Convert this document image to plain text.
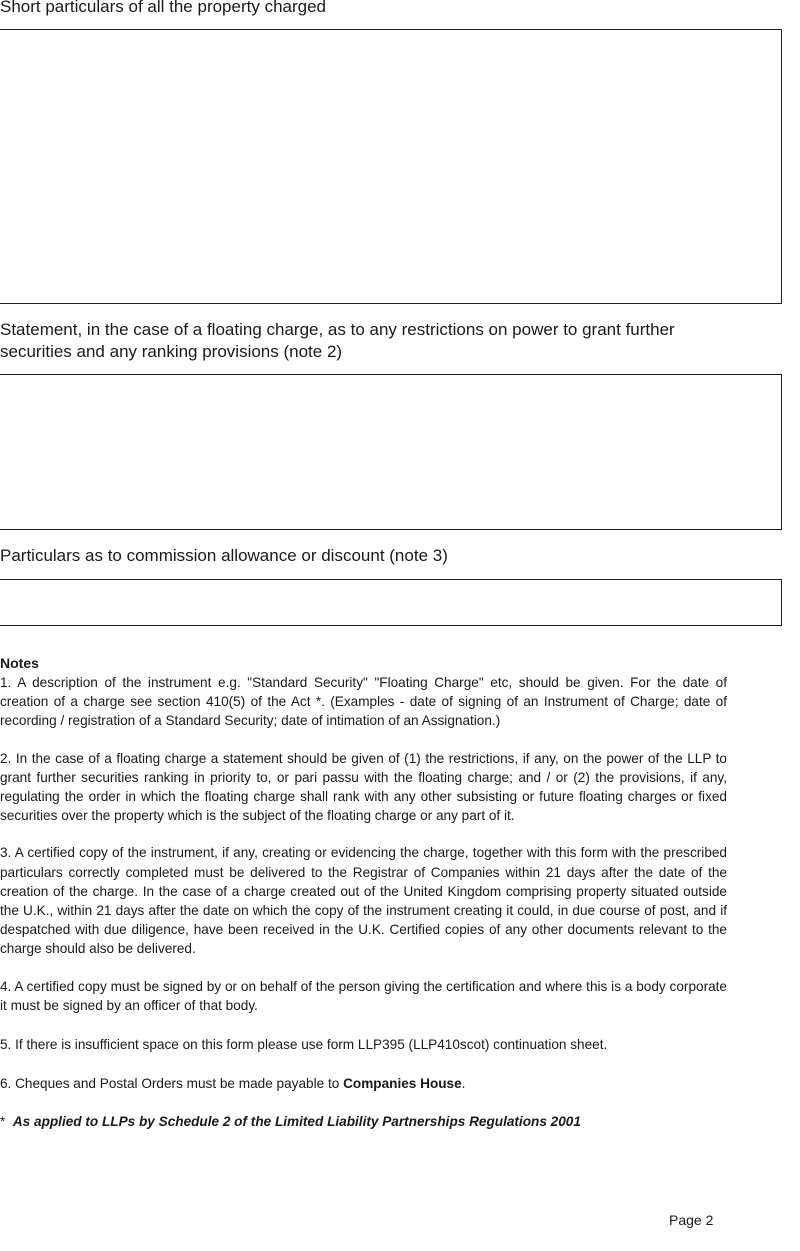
Short particulars of all the property charged
Statement, in the case of a floating charge, as to any restrictions on power to grant further
securities and any ranking provisions (note 2)
Particulars as to commission allowance or discount (note 3)
Notes

1. A description of the instrument e.g. "Standard Security" "Floating Charge" etc, should be given. For the date of creation of a charge see section 410(5) of the Act *. (Examples - date of signing of an Instrument of Charge; date of recording / registration of a Standard Security; date of intimation of an Assignation.)

2. In the case of a floating charge a statement should be given of (1) the restrictions, if any, on the power of the LLP to grant further securities ranking in priority to, or pari passu with the floating charge; and / or (2) the provisions, if any, regulating the order in which the floating charge shall rank with any other subsisting or future floating charges or fixed securities over the property which is the subject of the floating charge or any part of it.

3. A certified copy of the instrument, if any, creating or evidencing the charge, together with this form with the prescribed particulars correctly completed must be delivered to the Registrar of Companies within 21 days after the date of the creation of the charge. In the case of a charge created out of the United Kingdom comprising property situated outside the U.K., within 21 days after the date on which the copy of the instrument creating it could, in due course of post, and if despatched with due diligence, have been received in the U.K. Certified copies of any other documents relevant to the charge should also be delivered.

4. A certified copy must be signed by or on behalf of the person giving the certification and where this is a body corporate it must be signed by an officer of that body.

5. If there is insufficient space on this form please use form LLP395 (LLP410scot) continuation sheet.

6. Cheques and Postal Orders must be made payable to Companies House.

* As applied to LLPs by Schedule 2 of the Limited Liability Partnerships Regulations 2001

Page 2
